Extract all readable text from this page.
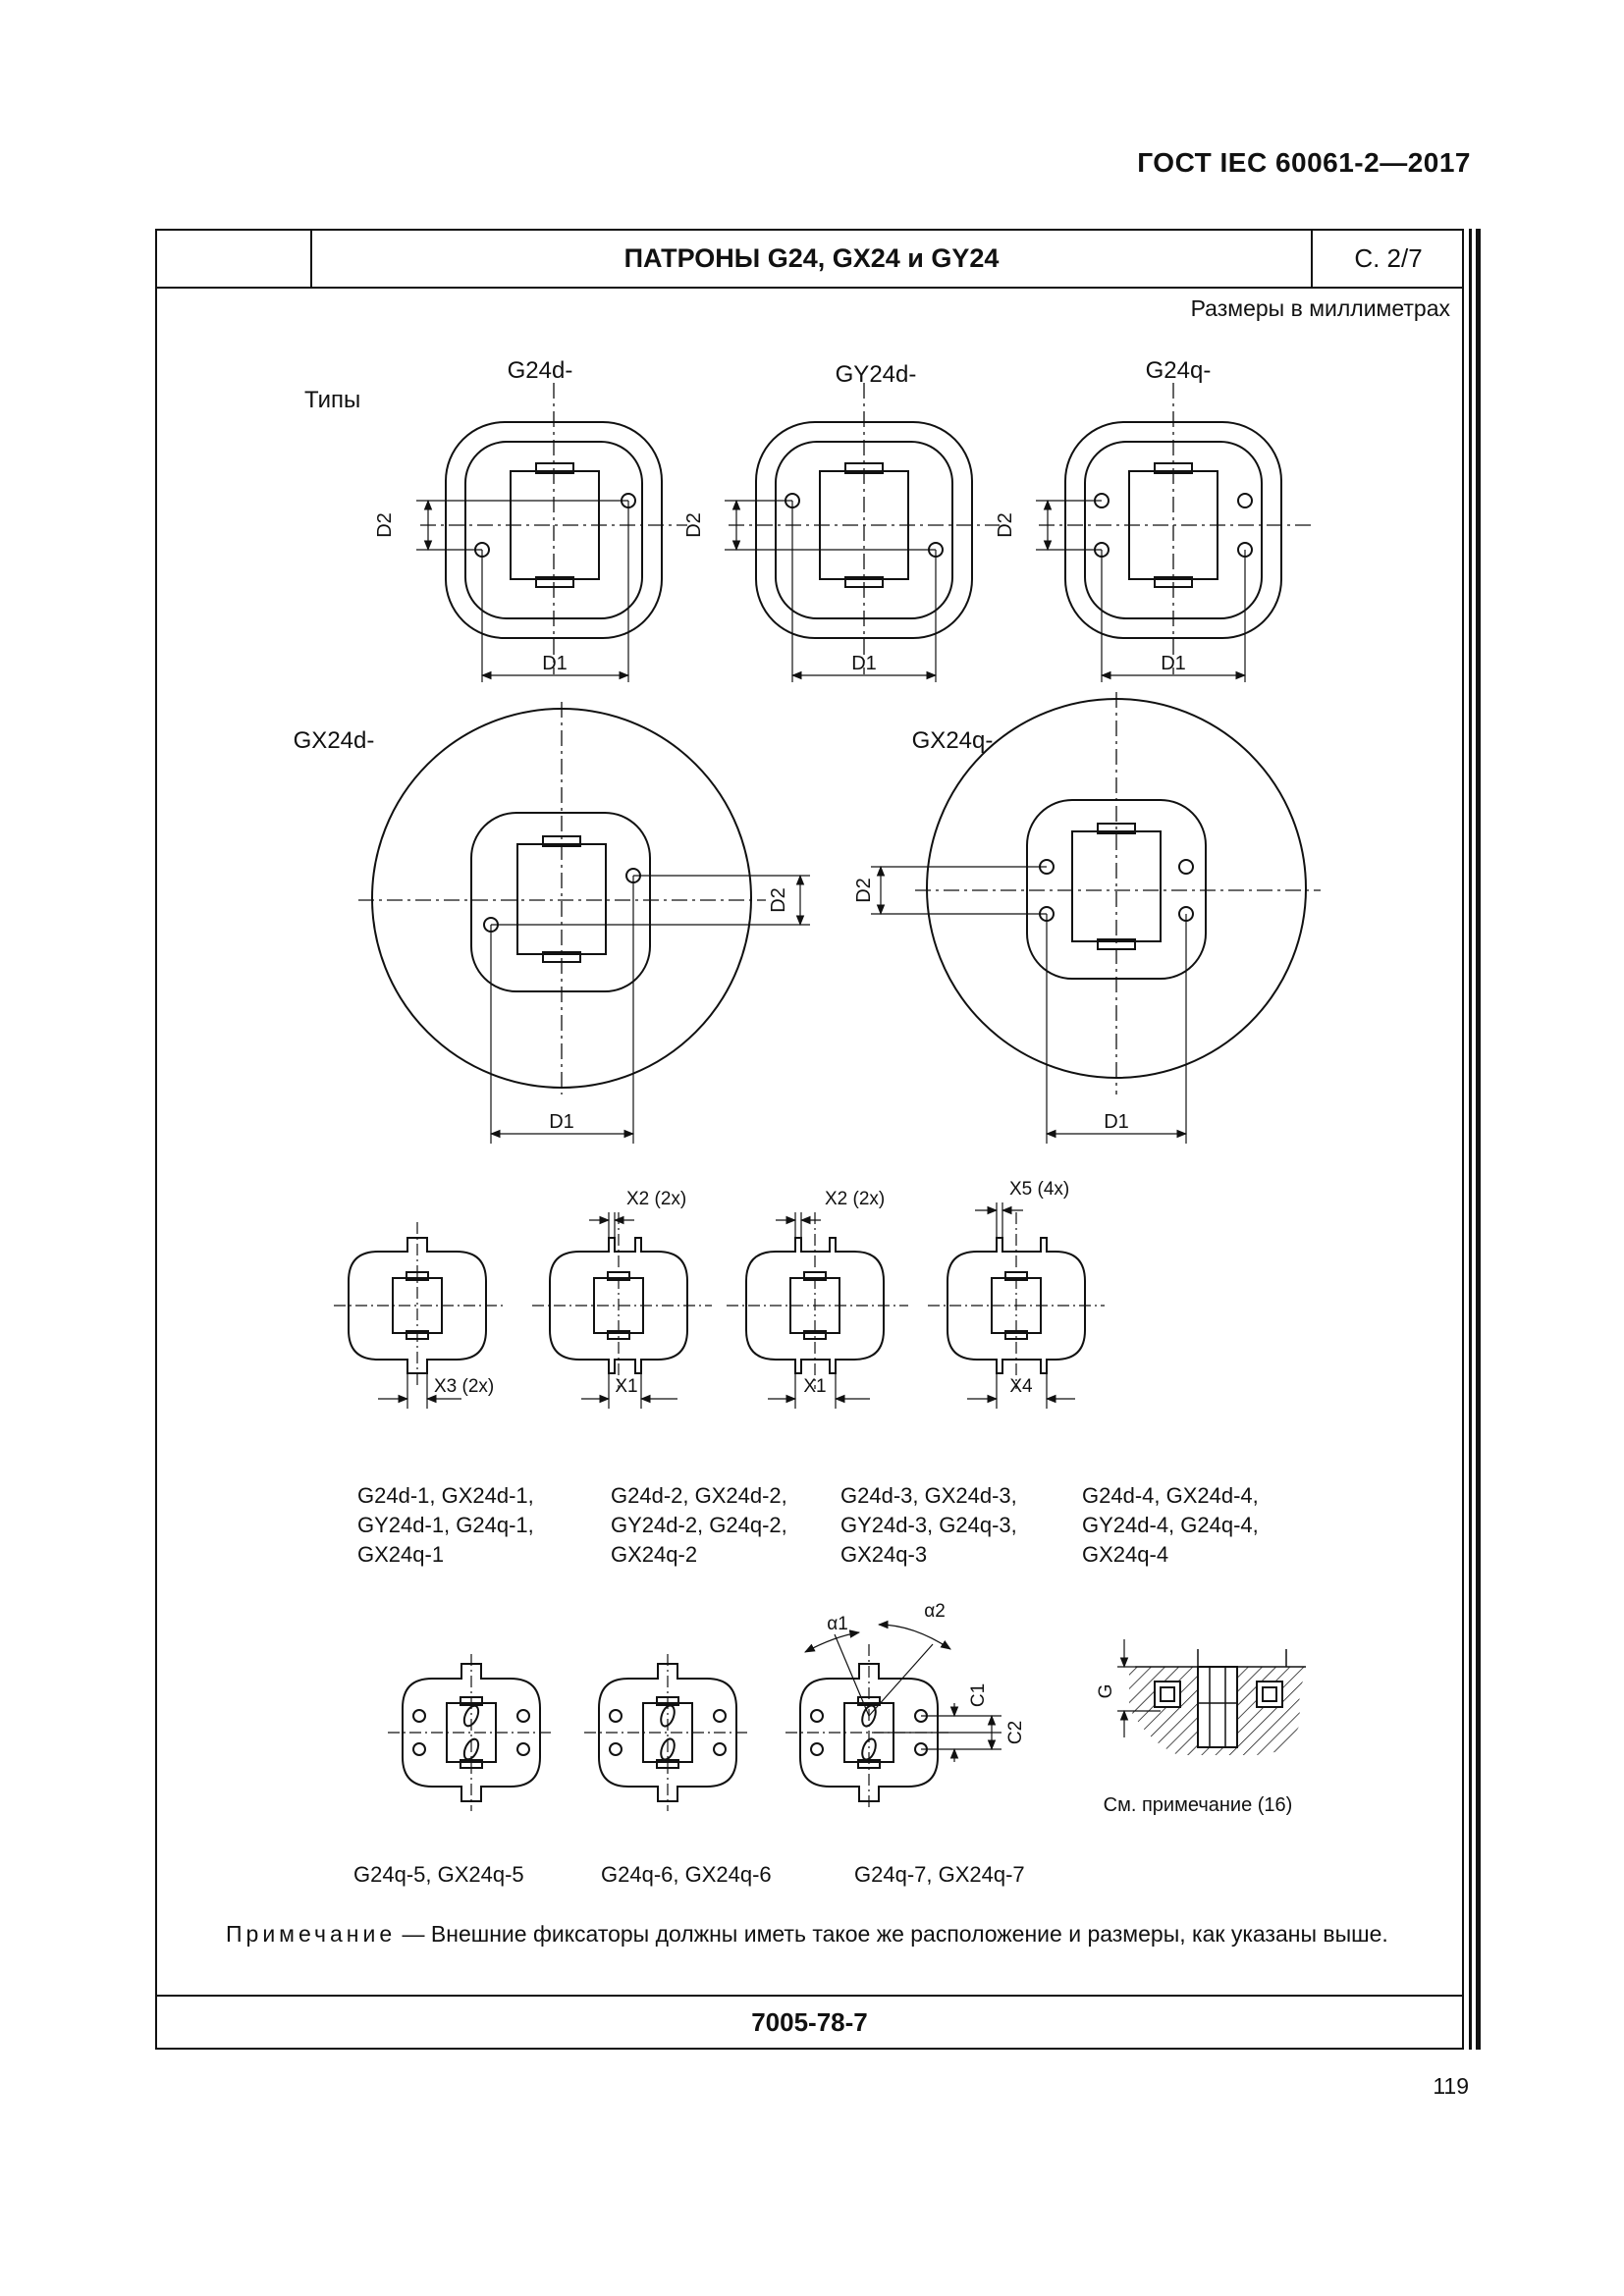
ГОСТ IEC 60061-2—2017
ПАТРОНЫ G24, GX24 и GY24	С. 2/7
Размеры в миллиметрах
Типы
G24d-
D2
D1
GY24d-
D2
D1
G24q-
D2
D1
GX24d-
D2
D1
GX24q-
D2
D1
X3 (2x)
X2 (2x)
X1
X2 (2x)
X1
X5 (4x)
X4
G24d-1, GX24d-1,
GY24d-1, G24q-1,
GX24q-1
G24d-2, GX24d-2,
GY24d-2, G24q-2,
GX24q-2
G24d-3, GX24d-3,
GY24d-3, G24q-3,
GX24q-3
G24d-4, GX24d-4,
GY24d-4, G24q-4,
GX24q-4
α1
α2
C1
C2
G24q-5, GX24q-5	G24q-6, GX24q-6	G24q-7, GX24q-7
G
См. примечание (16)
Примечание — Внешние фиксаторы должны иметь такое же расположение и размеры, как указаны выше.
7005-78-7
119
